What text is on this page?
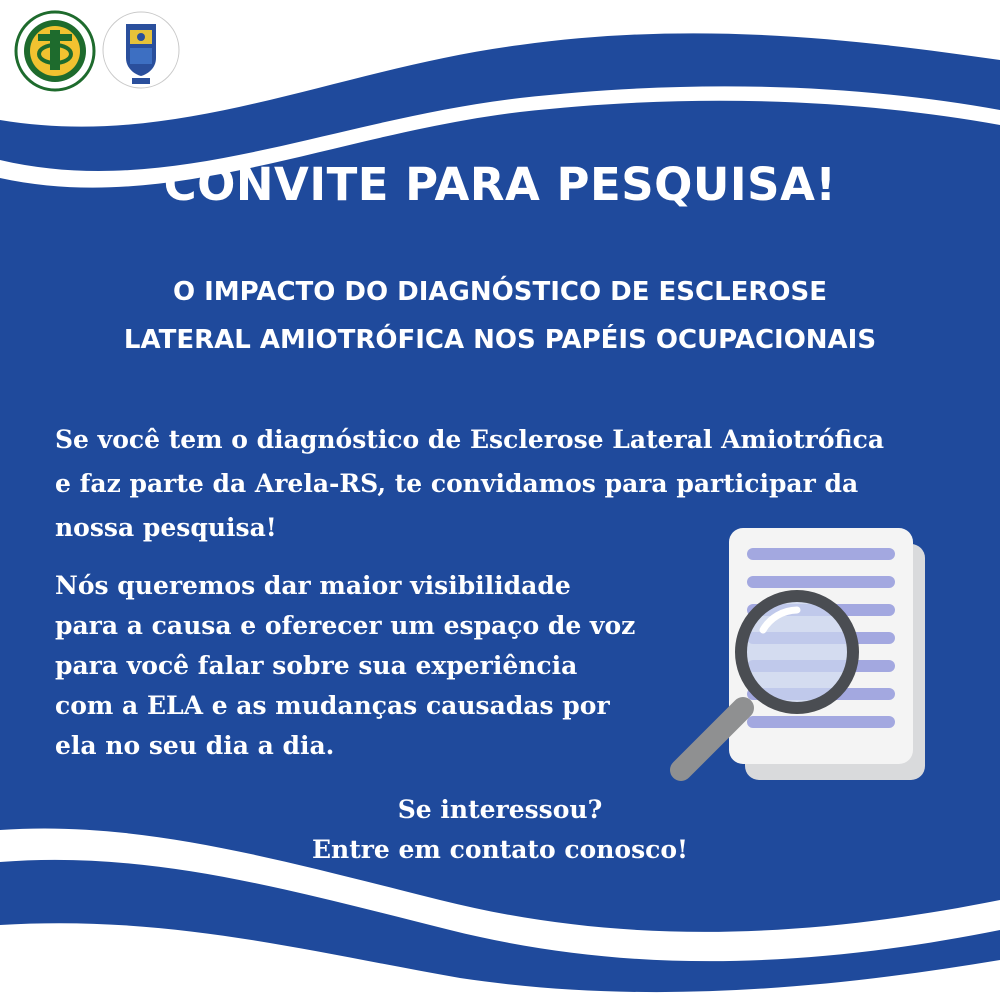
CONVITE PARA PESQUISA!
O IMPACTO DO DIAGNÓSTICO DE ESCLEROSE
LATERAL AMIOTRÓFICA NOS PAPÉIS OCUPACIONAIS
Se você tem o diagnóstico de Esclerose Lateral Amiotrófica
e faz parte da Arela-RS, te convidamos para participar da
nossa pesquisa!
Nós queremos dar maior visibilidade
para a causa e oferecer um espaço de voz
para você falar sobre sua experiência
com a ELA e as mudanças causadas por
ela no seu dia a dia.
Se interessou?
Entre em contato conosco!
